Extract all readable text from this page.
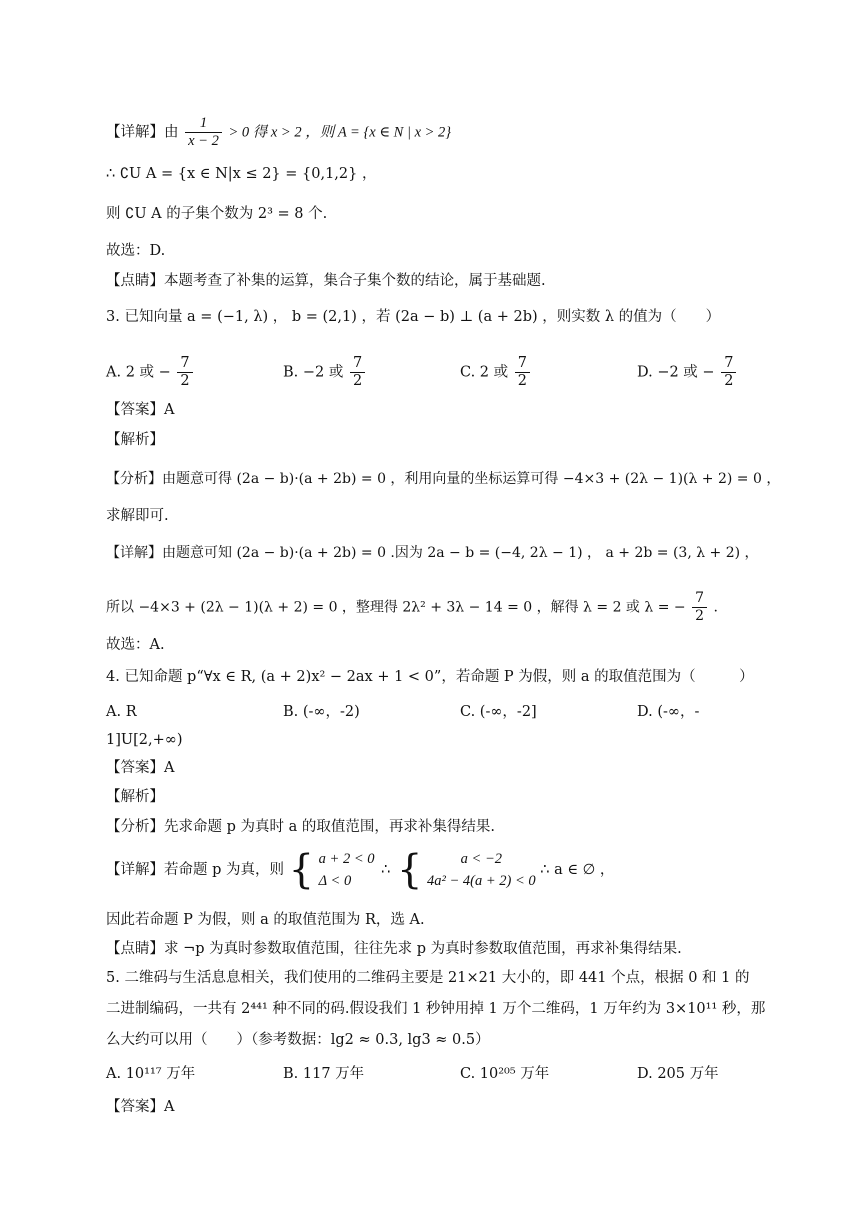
【详解】由 $\frac{1}{x - 2} > 0$ 得 x > 2 ，则 A = {x ∈ N | x > 2}
∴ ∁U A = {x ∈ N|x ≤ 2} = {0,1,2} ，
则 ∁U A 的子集个数为 2³ = 8 个.
故选：D.
【点睛】本题考查了补集的运算，集合子集个数的结论，属于基础题.
3. 已知向量 a = (−1, λ) ， b = (2,1) ，若 (2a − b) ⊥ (a + 2b) ，则实数 λ 的值为（　　）
A. 2 或 − $\frac{7}{2}$	B. −2 或 $\frac{7}{2}$	C. 2 或 $\frac{7}{2}$	D. −2 或 − $\frac{7}{2}$
【答案】A
【解析】
【分析】由题意可得 (2a − b)·(a + 2b) = 0 ，利用向量的坐标运算可得 −4×3 + (2λ − 1)(λ + 2) = 0 ，
求解即可.
【详解】由题意可知 (2a − b)·(a + 2b) = 0 .因为 2a − b = (−4, 2λ − 1) ， a + 2b = (3, λ + 2) ，
所以 −4×3 + (2λ − 1)(λ + 2) = 0 ，整理得 2λ² + 3λ − 14 = 0 ，解得 λ = 2 或 λ = − $\frac{7}{2}$ .
故选：A.
4. 已知命题 p“∀x ∈ R, (a + 2)x² − 2ax + 1 < 0”，若命题 P 为假，则 a 的取值范围为（　　　）
A. R	B. (-∞，-2)	C. (-∞，-2]	D. (-∞，-
1]U[2,+∞)
【答案】A
【解析】
【分析】先求命题 p 为真时 a 的取值范围，再求补集得结果.
【详解】若命题 p 为真，则 { a + 2 < 0
Δ < 0
∴ {	a < −2
4a² − 4(a + 2) < 0
∴ a ∈ ∅ ，
因此若命题 P 为假，则 a 的取值范围为 R，选 A.
【点睛】求 ¬p 为真时参数取值范围，往往先求 p 为真时参数取值范围，再求补集得结果.
5. 二维码与生活息息相关，我们使用的二维码主要是 21×21 大小的，即 441 个点，根据 0 和 1 的
二进制编码，一共有 2⁴⁴¹ 种不同的码.假设我们 1 秒钟用掉 1 万个二维码，1 万年约为 3×10¹¹ 秒，那
么大约可以用（　　）（参考数据：lg2 ≈ 0.3, lg3 ≈ 0.5）
A. 10¹¹⁷ 万年	B. 117 万年	C. 10²⁰⁵ 万年	D. 205 万年
【答案】A
